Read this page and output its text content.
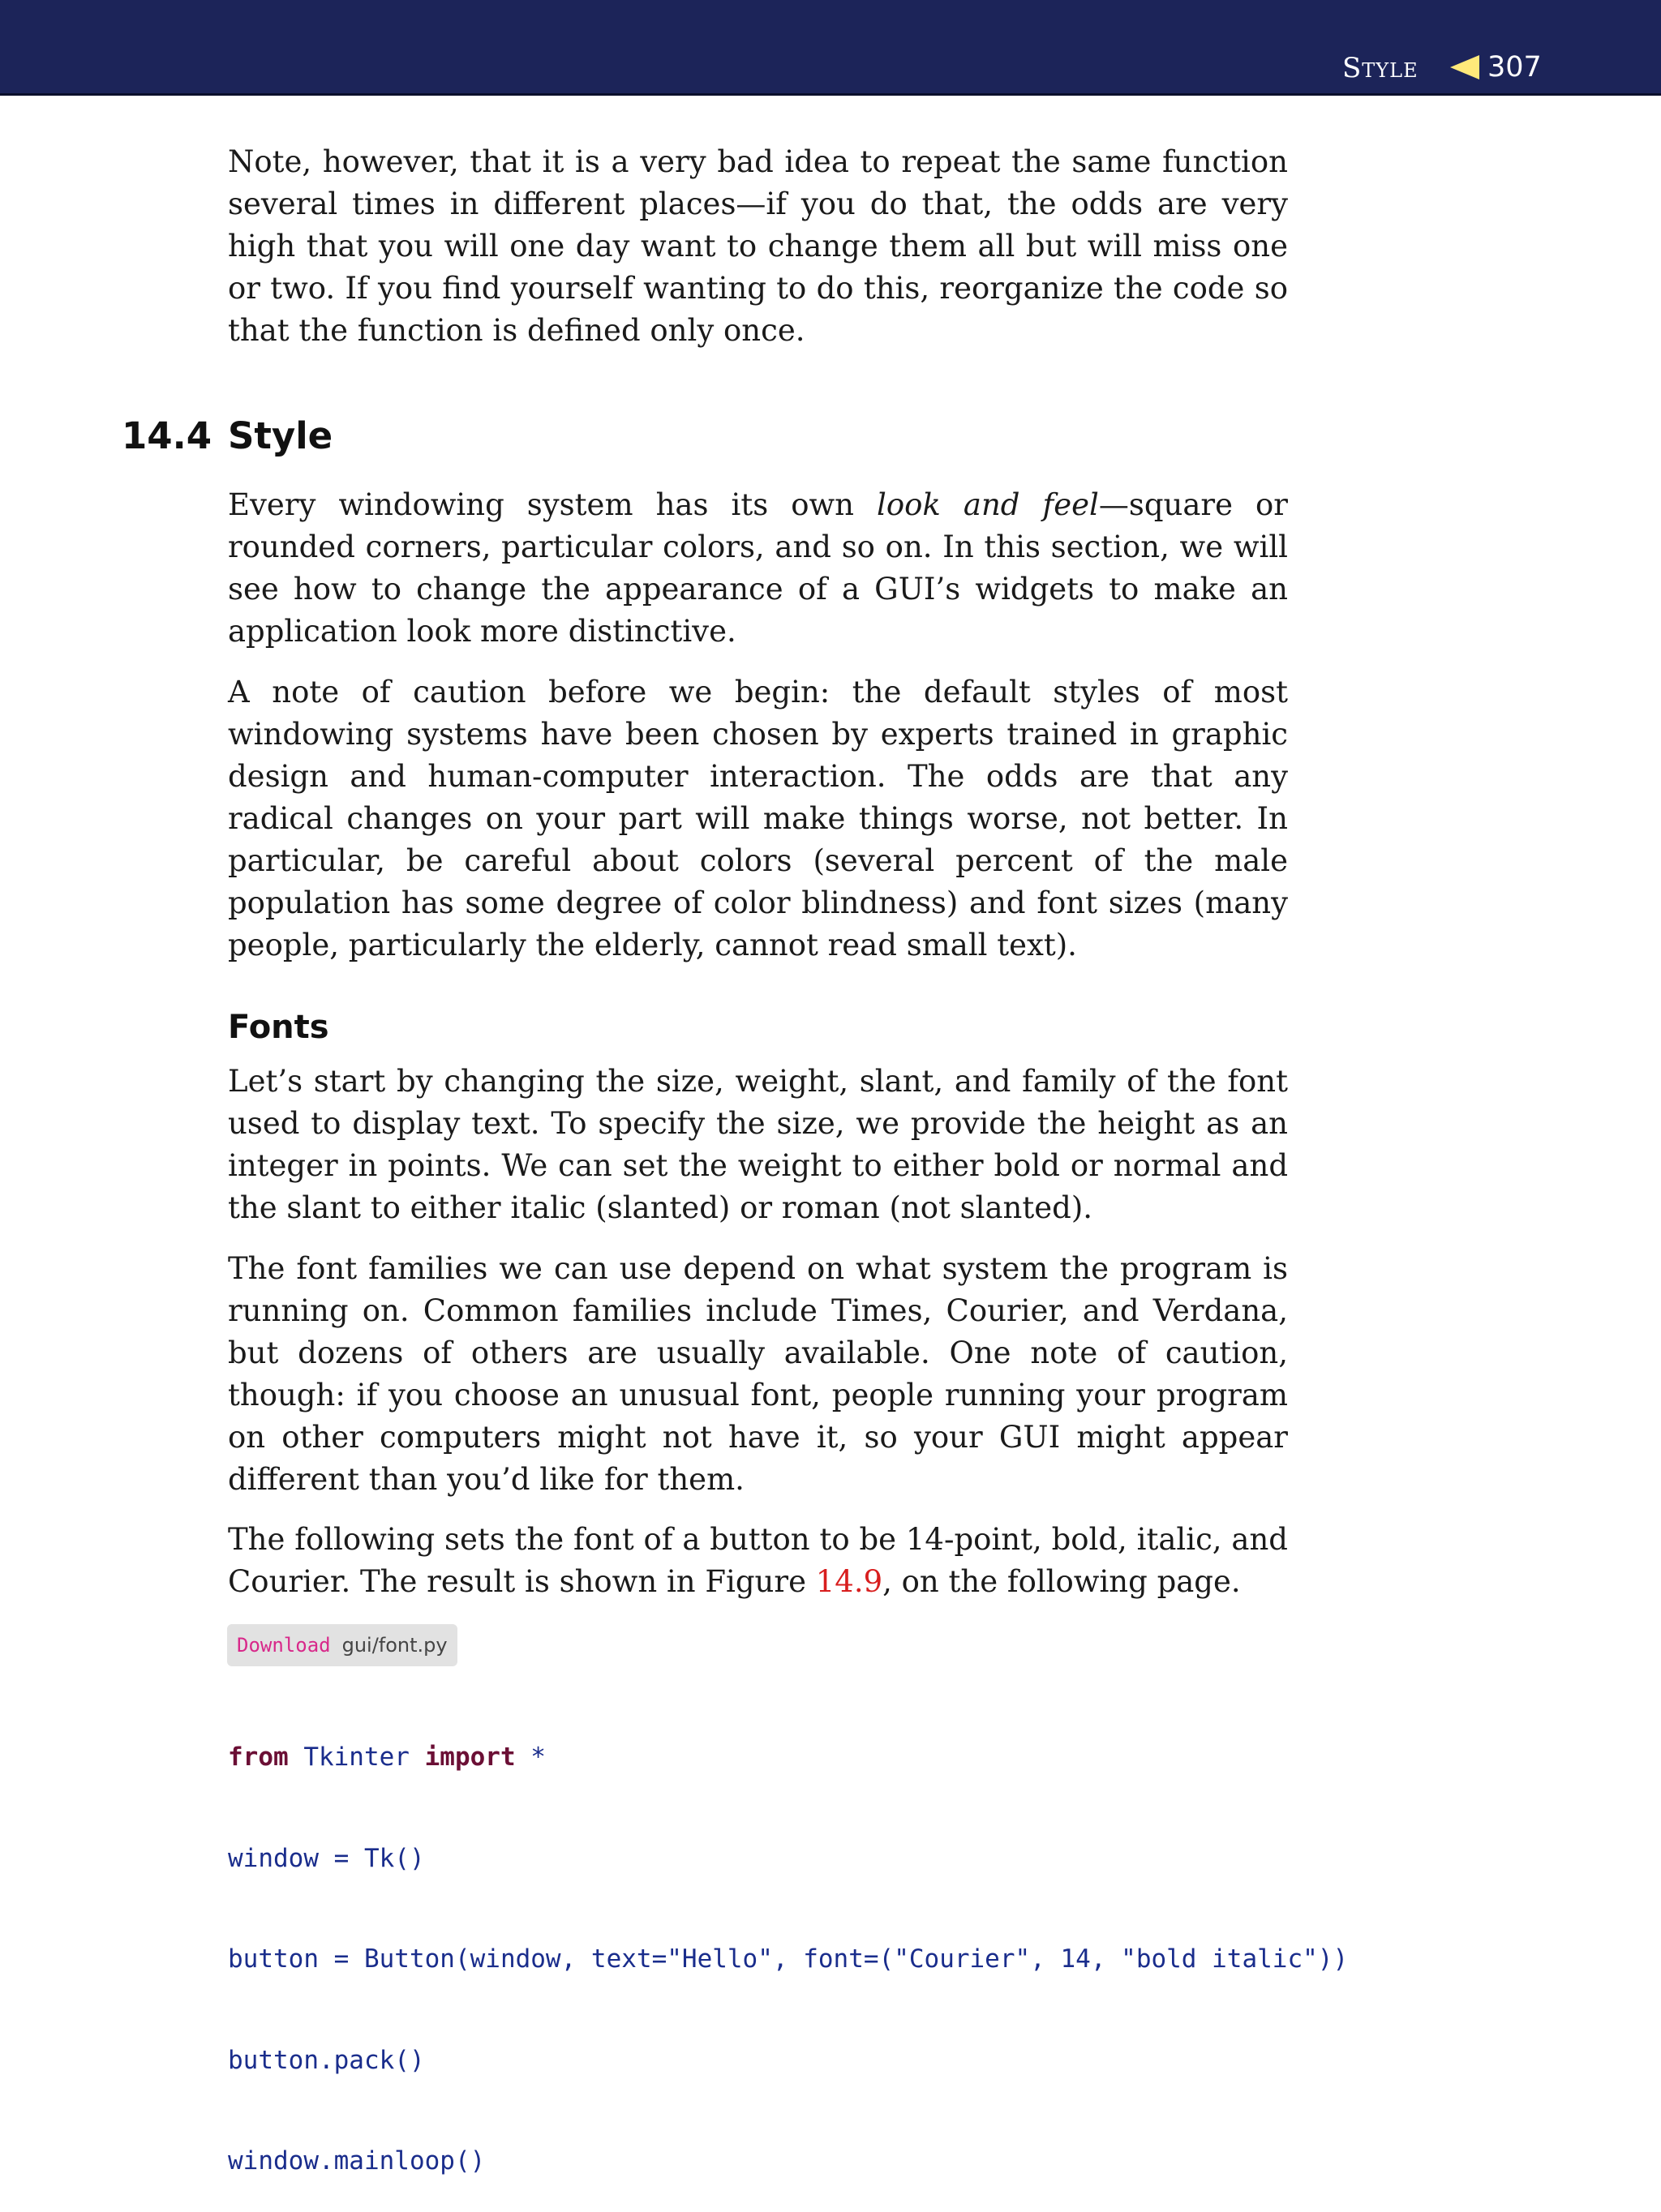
Style 307

Note, however, that it is a very bad idea to repeat the same function several times in different places—if you do that, the odds are very high that you will one day want to change them all but will miss one or two. If you find yourself wanting to do this, reorganize the code so that the function is defined only once.

14.4 Style

Every windowing system has its own look and feel—square or rounded corners, particular colors, and so on. In this section, we will see how to change the appearance of a GUI’s widgets to make an application look more distinctive.

A note of caution before we begin: the default styles of most windowing systems have been chosen by experts trained in graphic design and human-computer interaction. The odds are that any radical changes on your part will make things worse, not better. In particular, be careful about colors (several percent of the male population has some degree of color blindness) and font sizes (many people, particularly the elderly, cannot read small text).

Fonts

Let’s start by changing the size, weight, slant, and family of the font used to display text. To specify the size, we provide the height as an integer in points. We can set the weight to either bold or normal and the slant to either italic (slanted) or roman (not slanted).

The font families we can use depend on what system the program is running on. Common families include Times, Courier, and Verdana, but dozens of others are usually available. One note of caution, though: if you choose an unusual font, people running your program on other computers might not have it, so your GUI might appear different than you’d like for them.

The following sets the font of a button to be 14-point, bold, italic, and Courier. The result is shown in Figure 14.9, on the following page.

Download gui/font.py

from Tkinter import *

window = Tk()

button = Button(window, text="Hello", font=("Courier", 14, "bold italic"))

button.pack()

window.mainloop()
